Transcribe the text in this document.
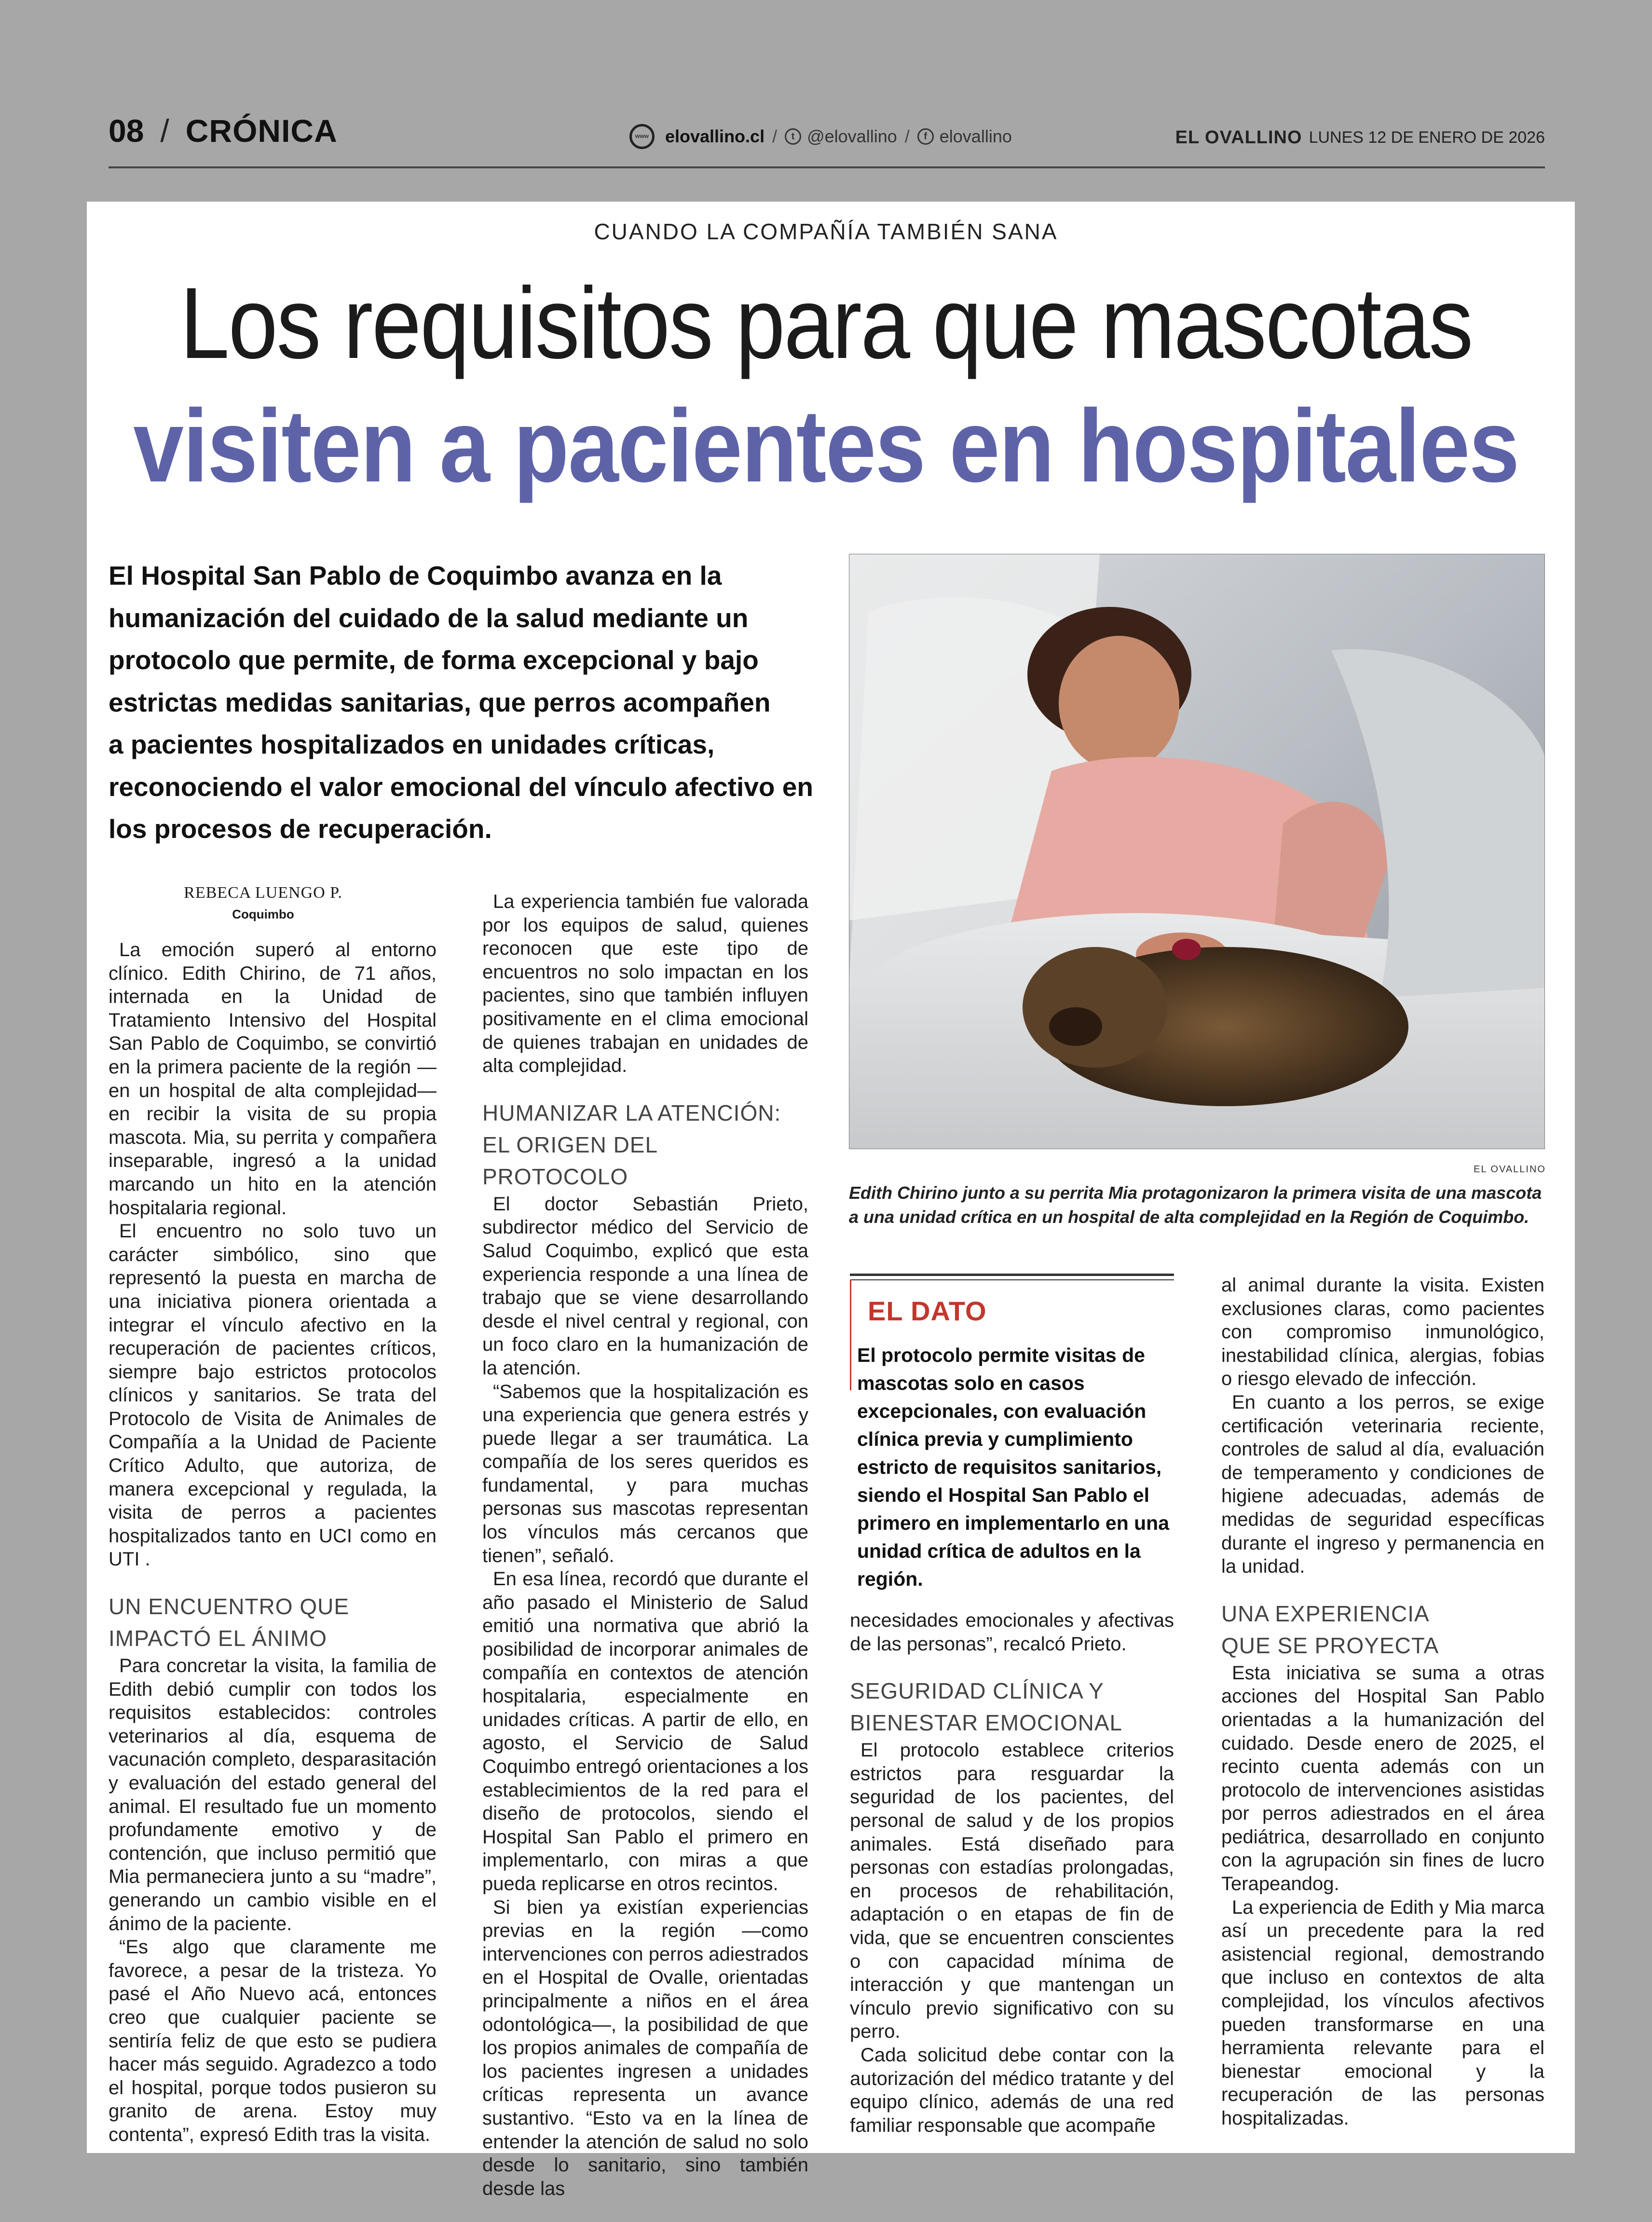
08 / CRÓNICA
www	elovallino.cl /	t @elovallino /	f elovallino	EL OVALLINO LUNES 12 DE ENERO DE 2026
CUANDO LA COMPAÑÍA TAMBIÉN SANA
Los requisitos para que mascotas
visiten a pacientes en hospitales
El Hospital San Pablo de Coquimbo avanza en la
humanización del cuidado de la salud mediante un
protocolo que permite, de forma excepcional y bajo
estrictas medidas sanitarias, que perros acompañen
a pacientes hospitalizados en unidades críticas,
reconociendo el valor emocional del vínculo afectivo en
los procesos de recuperación.
REBECA LUENGO P.
Coquimbo

La emoción superó al entorno clínico. Edith Chirino, de 71 años, internada en la Unidad de Tratamiento Intensivo del Hospital San Pablo de Coquimbo, se convirtió en la primera paciente de la región —en un hospital de alta complejidad— en recibir la visita de su propia mascota. Mia, su perrita y compañera inseparable, ingresó a la unidad marcando un hito en la atención hospitalaria regional.

El encuentro no solo tuvo un carácter simbólico, sino que representó la puesta en marcha de una iniciativa pionera orientada a integrar el vínculo afectivo en la recuperación de pacientes críticos, siempre bajo estrictos protocolos clínicos y sanitarios. Se trata del Protocolo de Visita de Animales de Compañía a la Unidad de Paciente Crítico Adulto, que autoriza, de manera excepcional y regulada, la visita de perros a pacientes hospitalizados tanto en UCI como en UTI .

UN ENCUENTRO QUE
IMPACTÓ EL ÁNIMO

Para concretar la visita, la familia de Edith debió cumplir con todos los requisitos establecidos: controles veterinarios al día, esquema de vacunación completo, desparasitación y evaluación del estado general del animal. El resultado fue un momento profundamente emotivo y de contención, que incluso permitió que Mia permaneciera junto a su “madre”, generando un cambio visible en el ánimo de la paciente.

“Es algo que claramente me favorece, a pesar de la tristeza. Yo pasé el Año Nuevo acá, entonces creo que cualquier paciente se sentiría feliz de que esto se pudiera hacer más seguido. Agradezco a todo el hospital, porque todos pusieron su granito de arena. Estoy muy contenta”, expresó Edith tras la visita.

La experiencia también fue valorada por los equipos de salud, quienes reconocen que este tipo de encuentros no solo impactan en los pacientes, sino que también influyen positivamente en el clima emocional de quienes trabajan en unidades de alta complejidad.

HUMANIZAR LA ATENCIÓN:
EL ORIGEN DEL PROTOCOLO

El doctor Sebastián Prieto, subdirector médico del Servicio de Salud Coquimbo, explicó que esta experiencia responde a una línea de trabajo que se viene desarrollando desde el nivel central y regional, con un foco claro en la humanización de la atención.

“Sabemos que la hospitalización es una experiencia que genera estrés y puede llegar a ser traumática. La compañía de los seres queridos es fundamental, y para muchas personas sus mascotas representan los vínculos más cercanos que tienen”, señaló.

En esa línea, recordó que durante el año pasado el Ministerio de Salud emitió una normativa que abrió la posibilidad de incorporar animales de compañía en contextos de atención hospitalaria, especialmente en unidades críticas. A partir de ello, en agosto, el Servicio de Salud Coquimbo entregó orientaciones a los establecimientos de la red para el diseño de protocolos, siendo el Hospital San Pablo el primero en implementarlo, con miras a que pueda replicarse en otros recintos.

Si bien ya existían experiencias previas en la región —como intervenciones con perros adiestrados en el Hospital de Ovalle, orientadas principalmente a niños en el área odontológica—, la posibilidad de que los propios animales de compañía de los pacientes ingresen a unidades críticas representa un avance sustantivo. “Esto va en la línea de entender la atención de salud no solo desde lo sanitario, sino también desde las

EL OVALLINO
Edith Chirino junto a su perrita Mia protagonizaron la primera visita de una mascota a una unidad crítica en un hospital de alta complejidad en la Región de Coquimbo.
EL DATO
El protocolo permite visitas de mascotas solo en casos excepcionales, con evaluación clínica previa y cumplimiento estricto de requisitos sanitarios, siendo el Hospital San Pablo el primero en implementarlo en una unidad crítica de adultos en la región.

necesidades emocionales y afectivas de las personas”, recalcó Prieto.

SEGURIDAD CLÍNICA Y
BIENESTAR EMOCIONAL

El protocolo establece criterios estrictos para resguardar la seguridad de los pacientes, del personal de salud y de los propios animales. Está diseñado para personas con estadías prolongadas, en procesos de rehabilitación, adaptación o en etapas de fin de vida, que se encuentren conscientes o con capacidad mínima de interacción y que mantengan un vínculo previo significativo con su perro.

Cada solicitud debe contar con la autorización del médico tratante y del equipo clínico, además de una red familiar responsable que acompañe

al animal durante la visita. Existen exclusiones claras, como pacientes con compromiso inmunológico, inestabilidad clínica, alergias, fobias o riesgo elevado de infección.

En cuanto a los perros, se exige certificación veterinaria reciente, controles de salud al día, evaluación de temperamento y condiciones de higiene adecuadas, además de medidas de seguridad específicas durante el ingreso y permanencia en la unidad.

UNA EXPERIENCIA
QUE SE PROYECTA

Esta iniciativa se suma a otras acciones del Hospital San Pablo orientadas a la humanización del cuidado. Desde enero de 2025, el recinto cuenta además con un protocolo de intervenciones asistidas por perros adiestrados en el área pediátrica, desarrollado en conjunto con la agrupación sin fines de lucro Terapeandog.

La experiencia de Edith y Mia marca así un precedente para la red asistencial regional, demostrando que incluso en contextos de alta complejidad, los vínculos afectivos pueden transformarse en una herramienta relevante para el bienestar emocional y la recuperación de las personas hospitalizadas.
